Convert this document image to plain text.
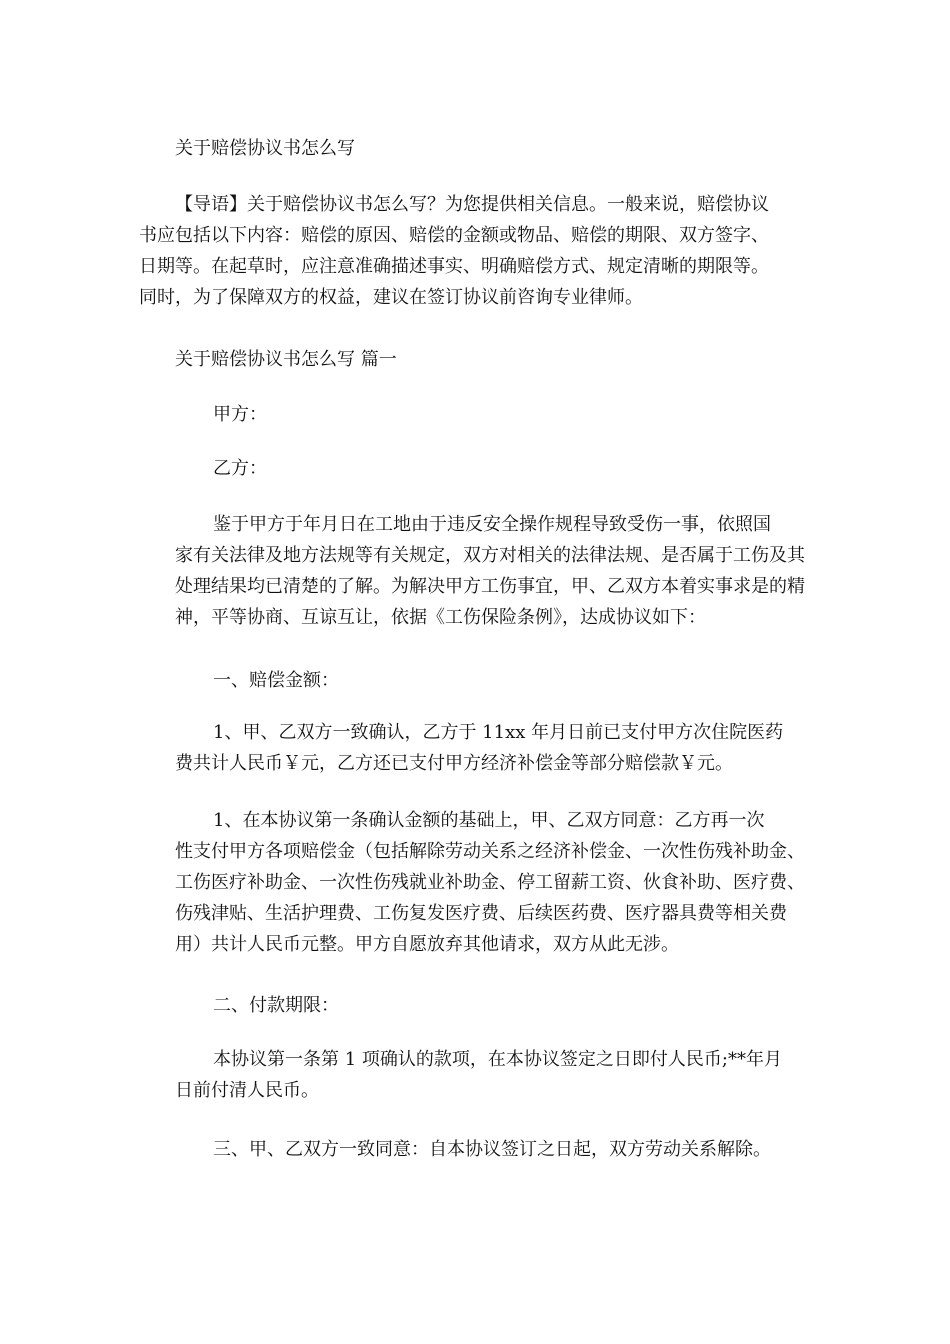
关于赔偿协议书怎么写

【导语】关于赔偿协议书怎么写？为您提供相关信息。一般来说，赔偿协议
书应包括以下内容：赔偿的原因、赔偿的金额或物品、赔偿的期限、双方签字、
日期等。在起草时，应注意准确描述事实、明确赔偿方式、规定清晰的期限等。
同时，为了保障双方的权益，建议在签订协议前咨询专业律师。

关于赔偿协议书怎么写 篇一

甲方：

乙方：

鉴于甲方于年月日在工地由于违反安全操作规程导致受伤一事，依照国
家有关法律及地方法规等有关规定，双方对相关的法律法规、是否属于工伤及其
处理结果均已清楚的了解。为解决甲方工伤事宜，甲、乙双方本着实事求是的精
神，平等协商、互谅互让，依据《工伤保险条例》，达成协议如下：

一、赔偿金额：

1、甲、乙双方一致确认，乙方于 11xx 年月日前已支付甲方次住院医药
费共计人民币￥元，乙方还已支付甲方经济补偿金等部分赔偿款￥元。

1、在本协议第一条确认金额的基础上，甲、乙双方同意：乙方再一次
性支付甲方各项赔偿金（包括解除劳动关系之经济补偿金、一次性伤残补助金、
工伤医疗补助金、一次性伤残就业补助金、停工留薪工资、伙食补助、医疗费、
伤残津贴、生活护理费、工伤复发医疗费、后续医药费、医疗器具费等相关费
用）共计人民币元整。甲方自愿放弃其他请求，双方从此无涉。

二、付款期限：

本协议第一条第 1 项确认的款项，在本协议签定之日即付人民币;**年月
日前付清人民币。

三、甲、乙双方一致同意：自本协议签订之日起，双方劳动关系解除。
